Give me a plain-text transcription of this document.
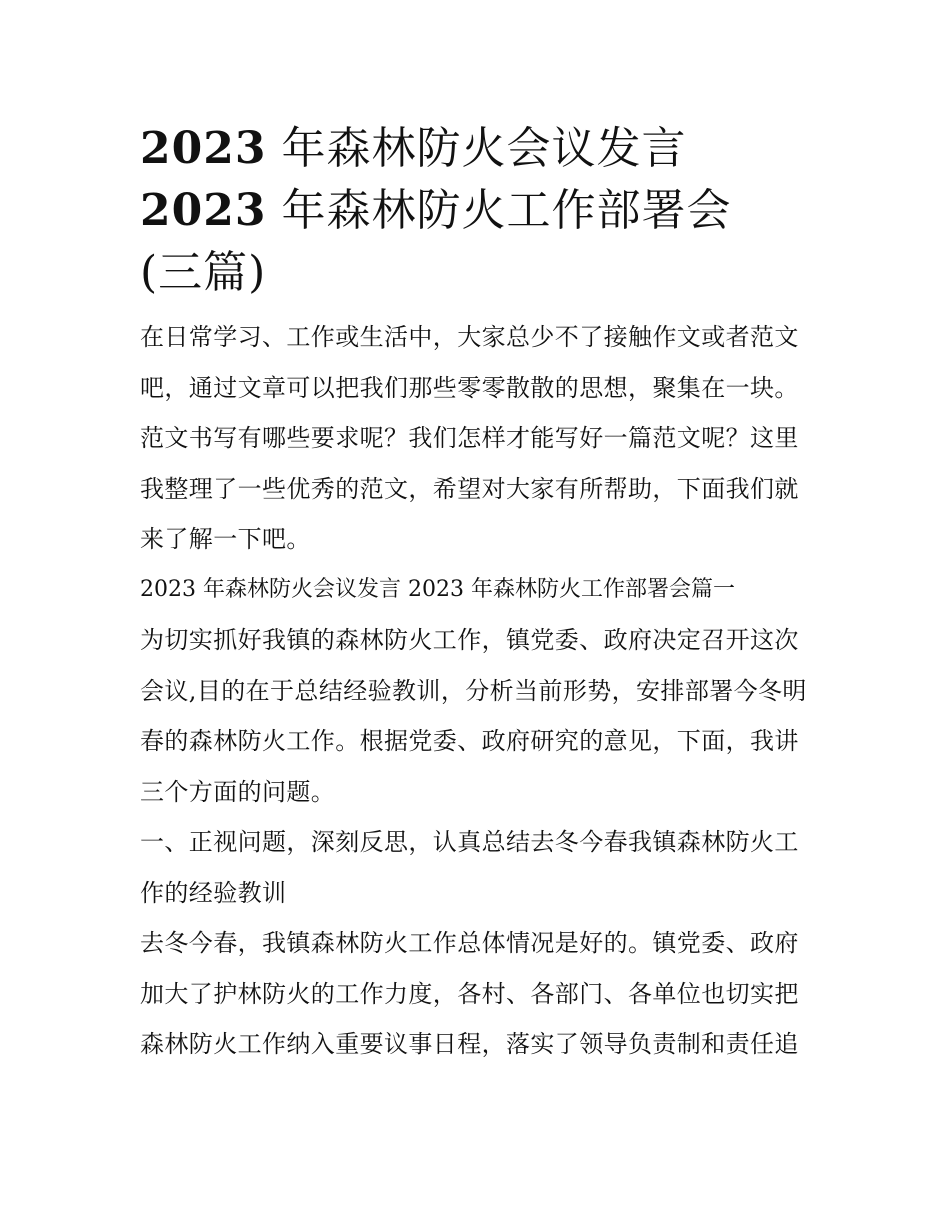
2023 年森林防火会议发言
2023 年森林防火工作部署会
(三篇)

在日常学习、工作或生活中，大家总少不了接触作文或者范文吧，通过文章可以把我们那些零零散散的思想，聚集在一块。范文书写有哪些要求呢？我们怎样才能写好一篇范文呢？这里我整理了一些优秀的范文，希望对大家有所帮助，下面我们就来了解一下吧。

2023 年森林防火会议发言 2023 年森林防火工作部署会篇一

为切实抓好我镇的森林防火工作，镇党委、政府决定召开这次会议,目的在于总结经验教训，分析当前形势，安排部署今冬明春的森林防火工作。根据党委、政府研究的意见，下面，我讲三个方面的问题。

一、正视问题，深刻反思，认真总结去冬今春我镇森林防火工作的经验教训

去冬今春，我镇森林防火工作总体情况是好的。镇党委、政府加大了护林防火的工作力度，各村、各部门、各单位也切实把森林防火工作纳入重要议事日程，落实了领导负责制和责任追
